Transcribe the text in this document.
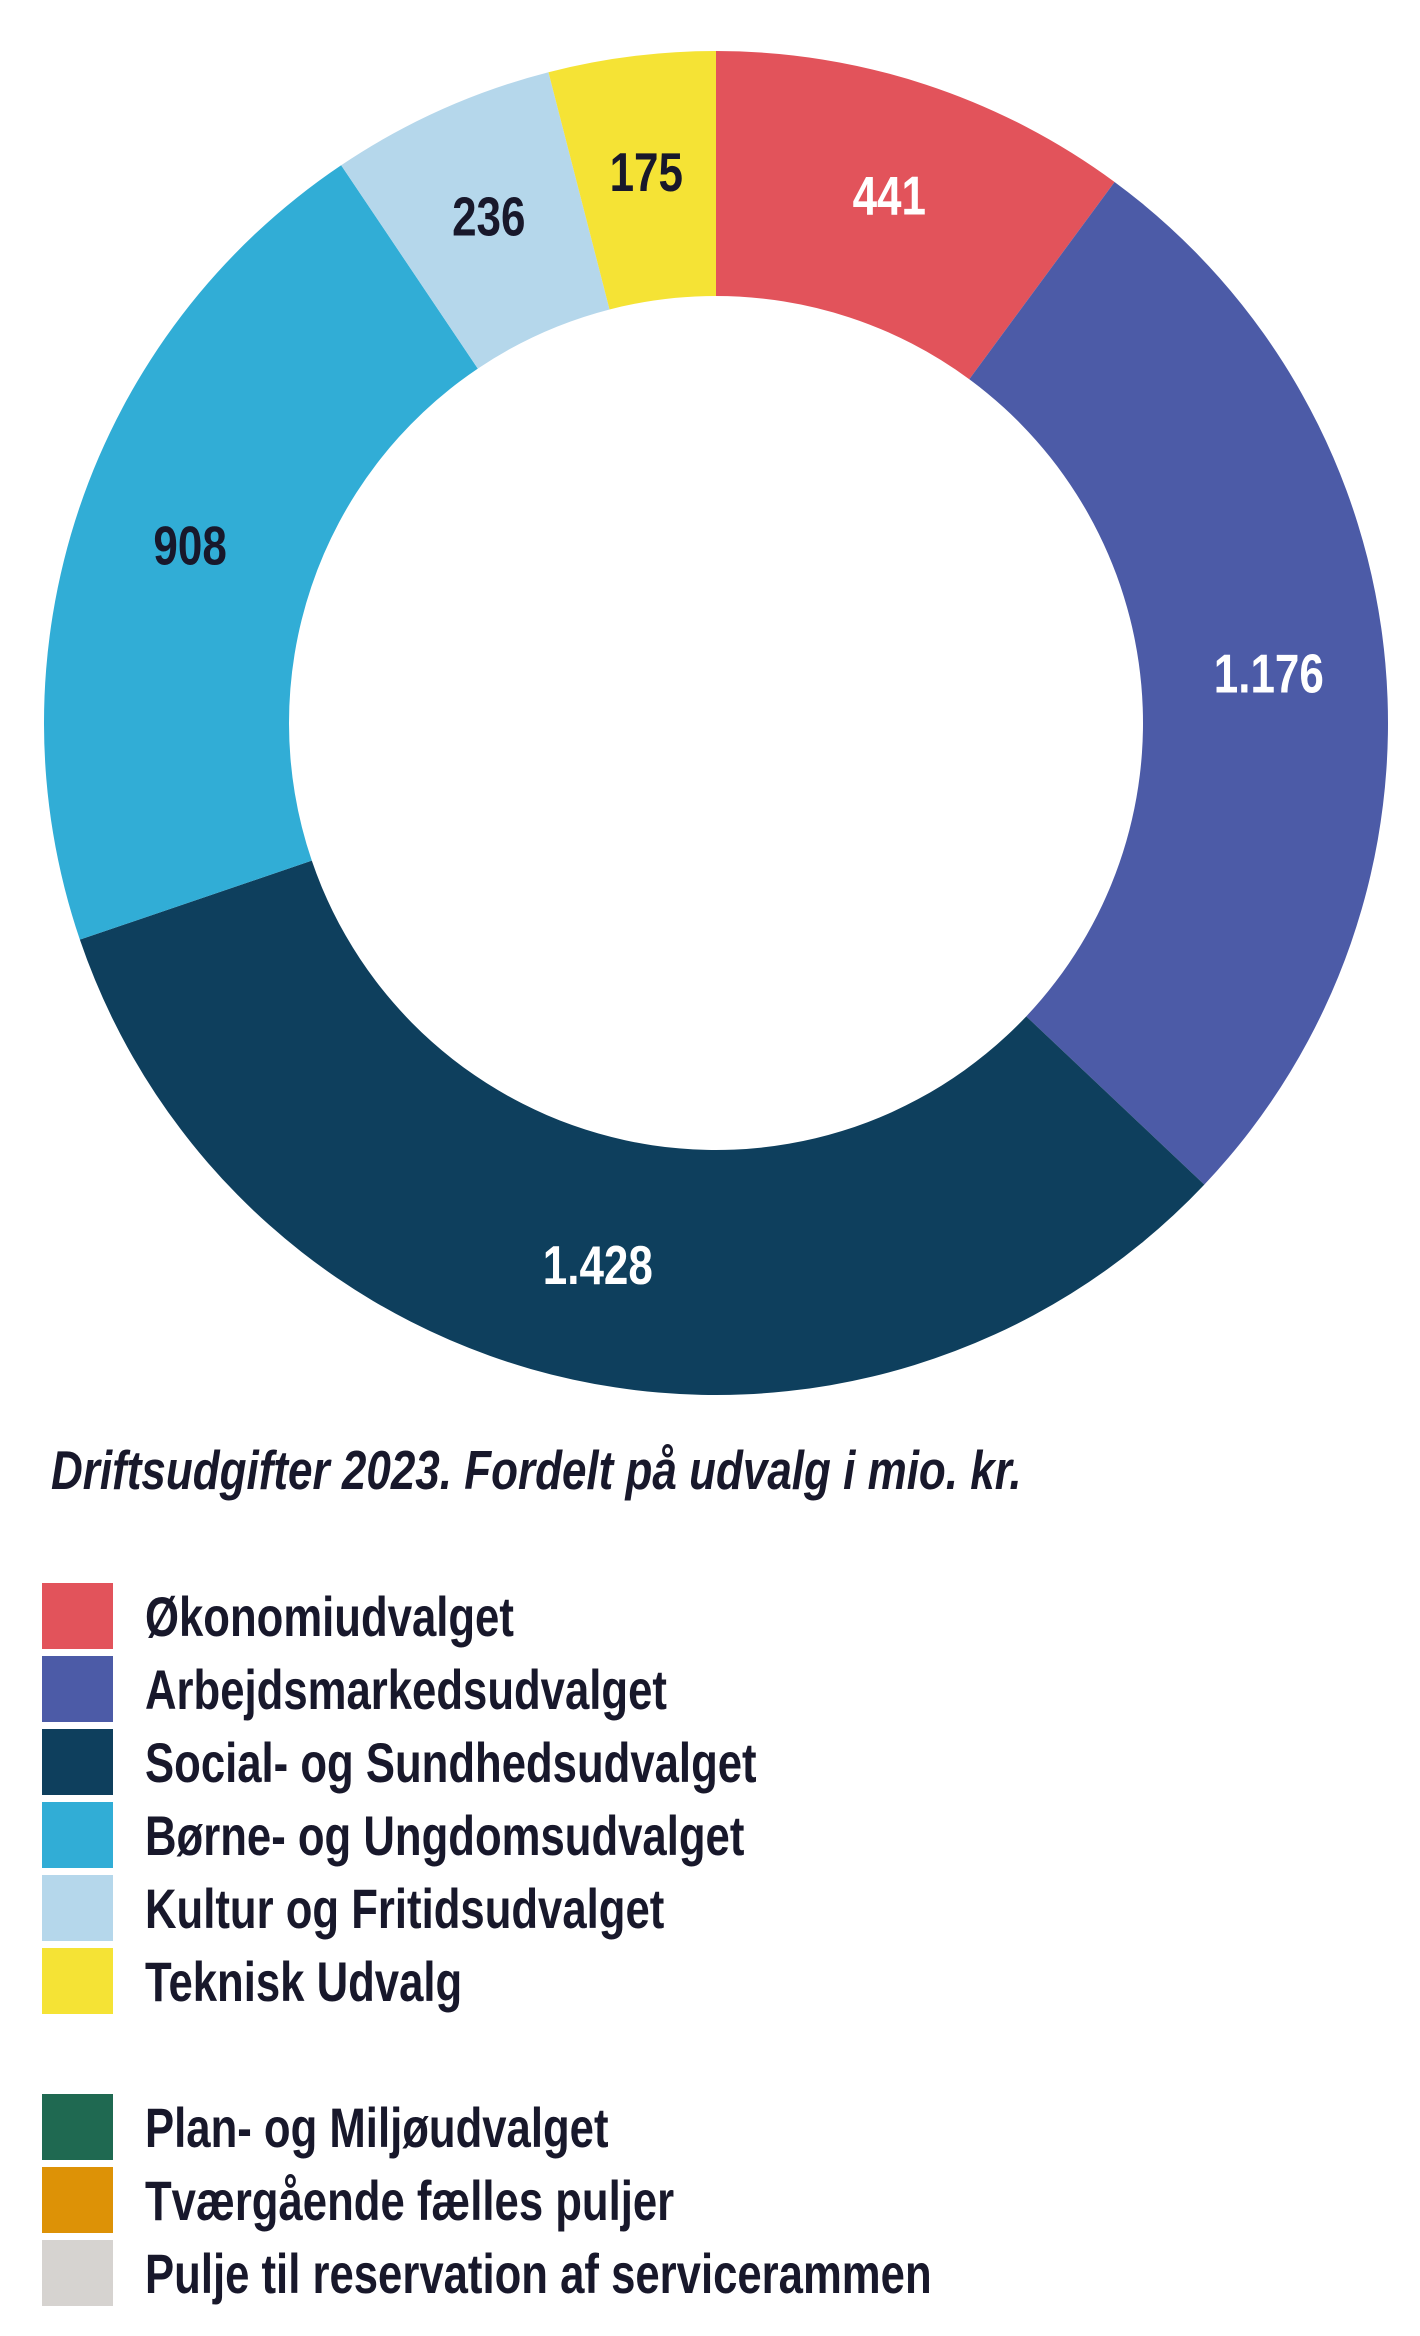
441
1.176
1.428
908
236
175
Driftsudgifter 2023. Fordelt på udvalg i mio. kr.
Økonomiudvalget
Arbejdsmarkedsudvalget
Social- og Sundhedsudvalget
Børne- og Ungdomsudvalget
Kultur og Fritidsudvalget
Teknisk Udvalg
Plan- og Miljøudvalget
Tværgående fælles puljer
Pulje til reservation af servicerammen
